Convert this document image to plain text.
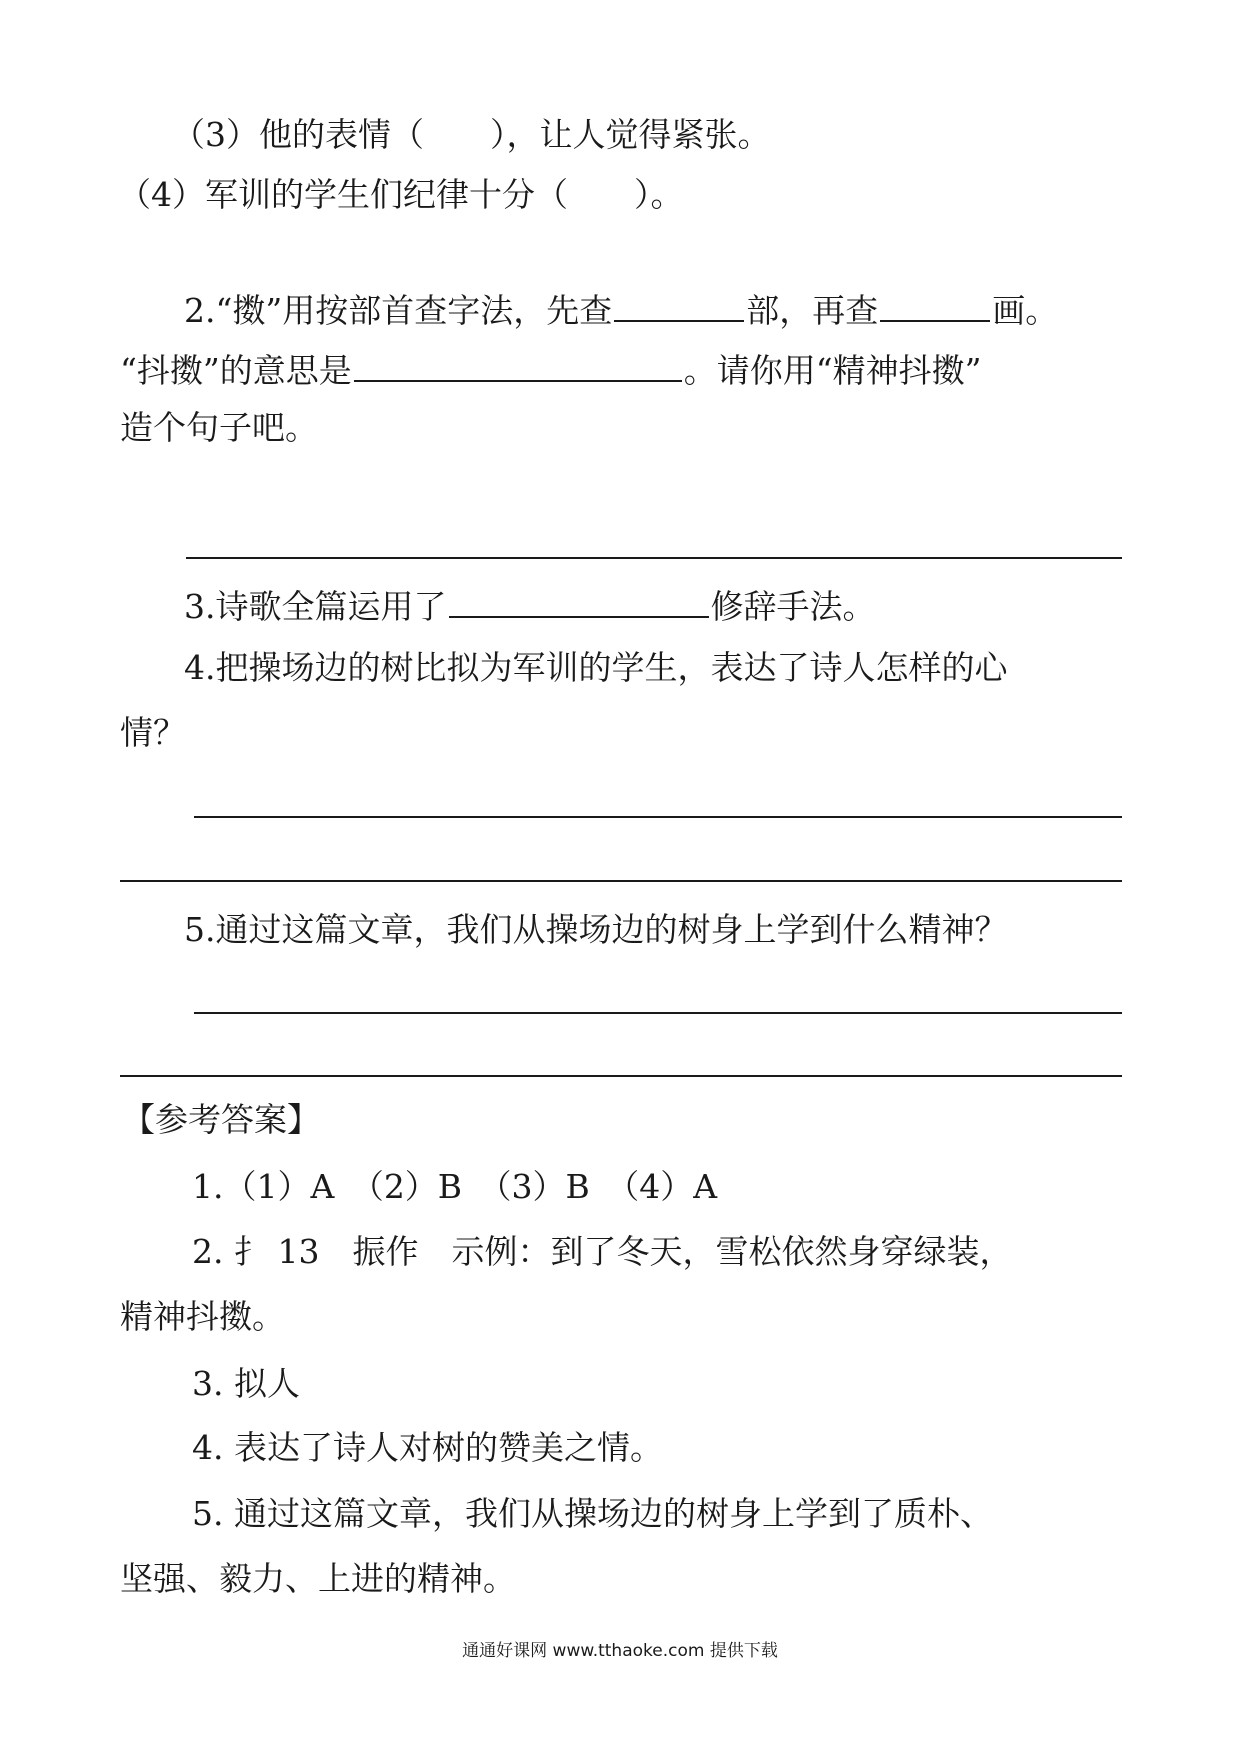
（3）他的表情（　　），让人觉得紧张。
（4）军训的学生们纪律十分（　　）。
2.“擞”用按部首查字法，先查	部，再查	画。
“抖擞”的意思是	。请你用“精神抖擞”
造个句子吧。
3.诗歌全篇运用了	修辞手法。
4.把操场边的树比拟为军训的学生，表达了诗人怎样的心
情？
5.通过这篇文章，我们从操场边的树身上学到什么精神？
【参考答案】
1.（1）A　（2）B　（3）B　（4）A
2. 扌 13　振作　示例：到了冬天，雪松依然身穿绿装，
精神抖擞。
3. 拟人
4. 表达了诗人对树的赞美之情。
5. 通过这篇文章，我们从操场边的树身上学到了质朴、
坚强、毅力、上进的精神。
通通好课网 www.tthaoke.com 提供下载
